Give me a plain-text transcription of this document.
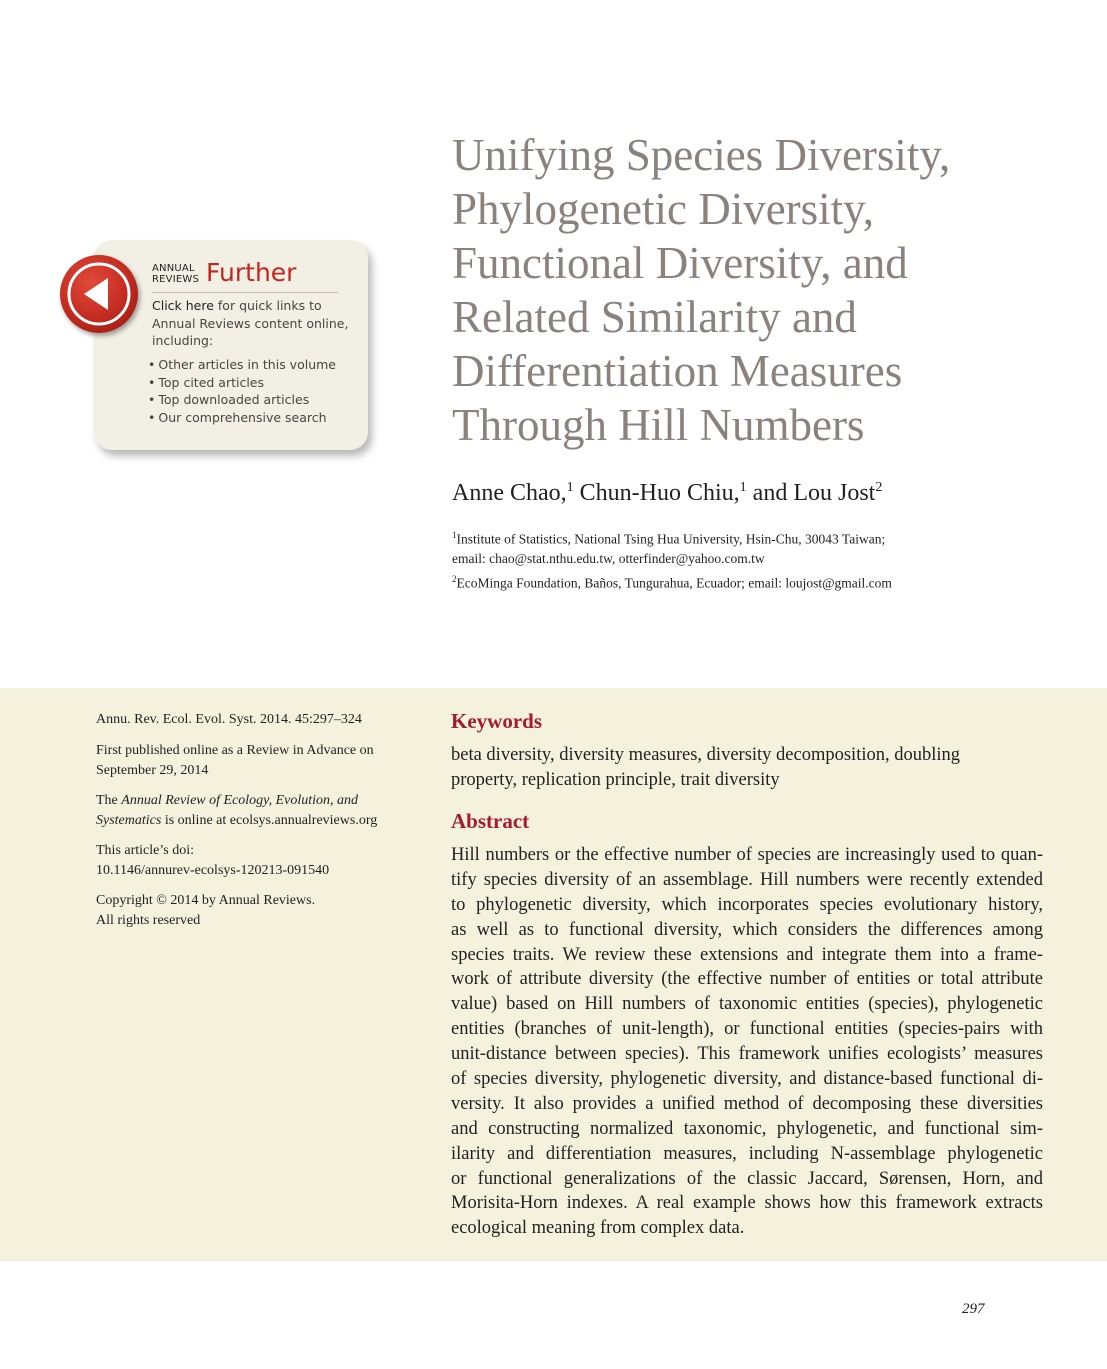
Unifying Species Diversity,
Phylogenetic Diversity,
Functional Diversity, and
Related Similarity and
Differentiation Measures
Through Hill Numbers
Anne Chao,$^1$ Chun-Huo Chiu,$^1$ and Lou Jost$^2$
$^1$Institute of Statistics, National Tsing Hua University, Hsin-Chu, 30043 Taiwan;
email: chao@stat.nthu.edu.tw, otterfinder@yahoo.com.tw
$^2$EcoMinga Foundation, Baños, Tungurahua, Ecuador; email: loujost@gmail.com
ANNUAL
REVIEWS Further
Click here for quick links to
Annual Reviews content online,
including:
• Other articles in this volume
• Top cited articles
• Top downloaded articles
• Our comprehensive search
Annu. Rev. Ecol. Evol. Syst. 2014. 45:297–324
First published online as a Review in Advance on
September 29, 2014
The Annual Review of Ecology, Evolution, and
Systematics is online at ecolsys.annualreviews.org
This article’s doi:
10.1146/annurev-ecolsys-120213-091540
Copyright © 2014 by Annual Reviews.
All rights reserved
Keywords
beta diversity, diversity measures, diversity decomposition, doubling
property, replication principle, trait diversity
Abstract
Hill numbers or the effective number of species are increasingly used to quan-
tify species diversity of an assemblage. Hill numbers were recently extended
to phylogenetic diversity, which incorporates species evolutionary history,
as well as to functional diversity, which considers the differences among
species traits. We review these extensions and integrate them into a frame-
work of attribute diversity (the effective number of entities or total attribute
value) based on Hill numbers of taxonomic entities (species), phylogenetic
entities (branches of unit-length), or functional entities (species-pairs with
unit-distance between species). This framework unifies ecologists’ measures
of species diversity, phylogenetic diversity, and distance-based functional di-
versity. It also provides a unified method of decomposing these diversities
and constructing normalized taxonomic, phylogenetic, and functional sim-
ilarity and differentiation measures, including N-assemblage phylogenetic
or functional generalizations of the classic Jaccard, Sørensen, Horn, and
Morisita-Horn indexes. A real example shows how this framework extracts
ecological meaning from complex data.
297
